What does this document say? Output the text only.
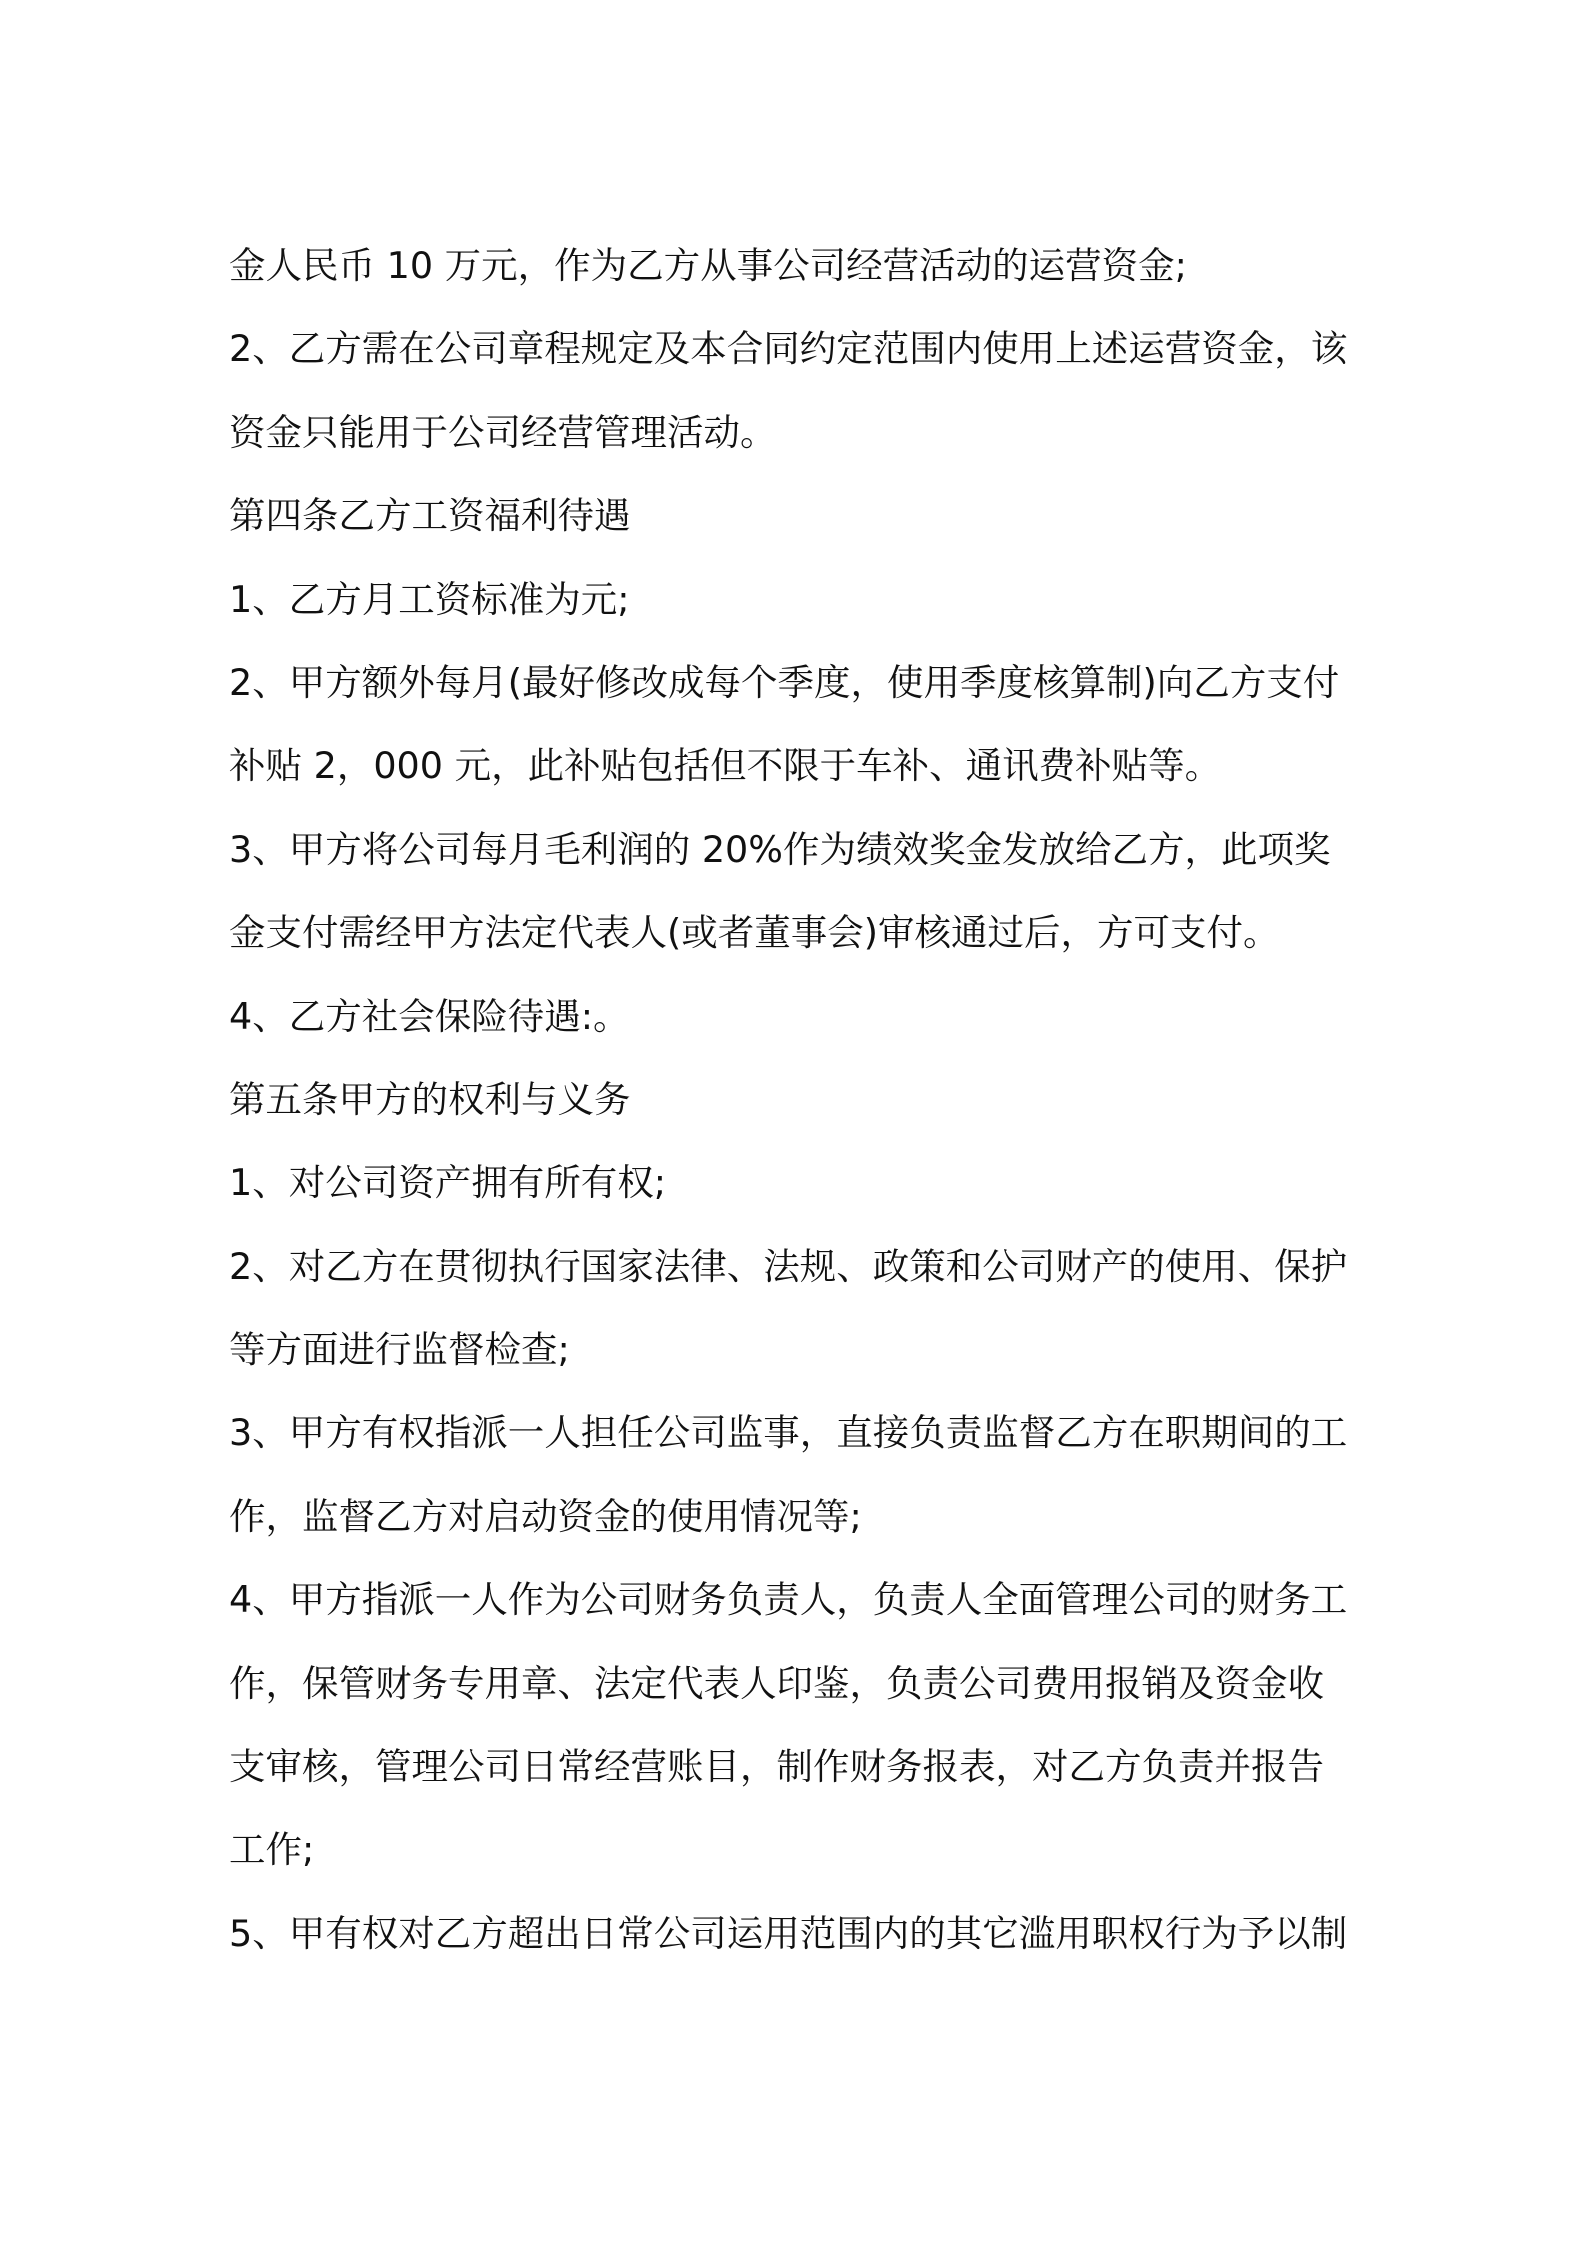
金人民币 10 万元，作为乙方从事公司经营活动的运营资金;
2、乙方需在公司章程规定及本合同约定范围内使用上述运营资金，该
资金只能用于公司经营管理活动。
第四条乙方工资福利待遇
1、乙方月工资标准为元;
2、甲方额外每月(最好修改成每个季度，使用季度核算制)向乙方支付
补贴 2，000 元，此补贴包括但不限于车补、通讯费补贴等。
3、甲方将公司每月毛利润的 20%作为绩效奖金发放给乙方，此项奖
金支付需经甲方法定代表人(或者董事会)审核通过后，方可支付。
4、乙方社会保险待遇:。
第五条甲方的权利与义务
1、对公司资产拥有所有权;
2、对乙方在贯彻执行国家法律、法规、政策和公司财产的使用、保护
等方面进行监督检查;
3、甲方有权指派一人担任公司监事，直接负责监督乙方在职期间的工
作，监督乙方对启动资金的使用情况等;
4、甲方指派一人作为公司财务负责人，负责人全面管理公司的财务工
作，保管财务专用章、法定代表人印鉴，负责公司费用报销及资金收
支审核，管理公司日常经营账目，制作财务报表，对乙方负责并报告
工作;
5、甲有权对乙方超出日常公司运用范围内的其它滥用职权行为予以制
